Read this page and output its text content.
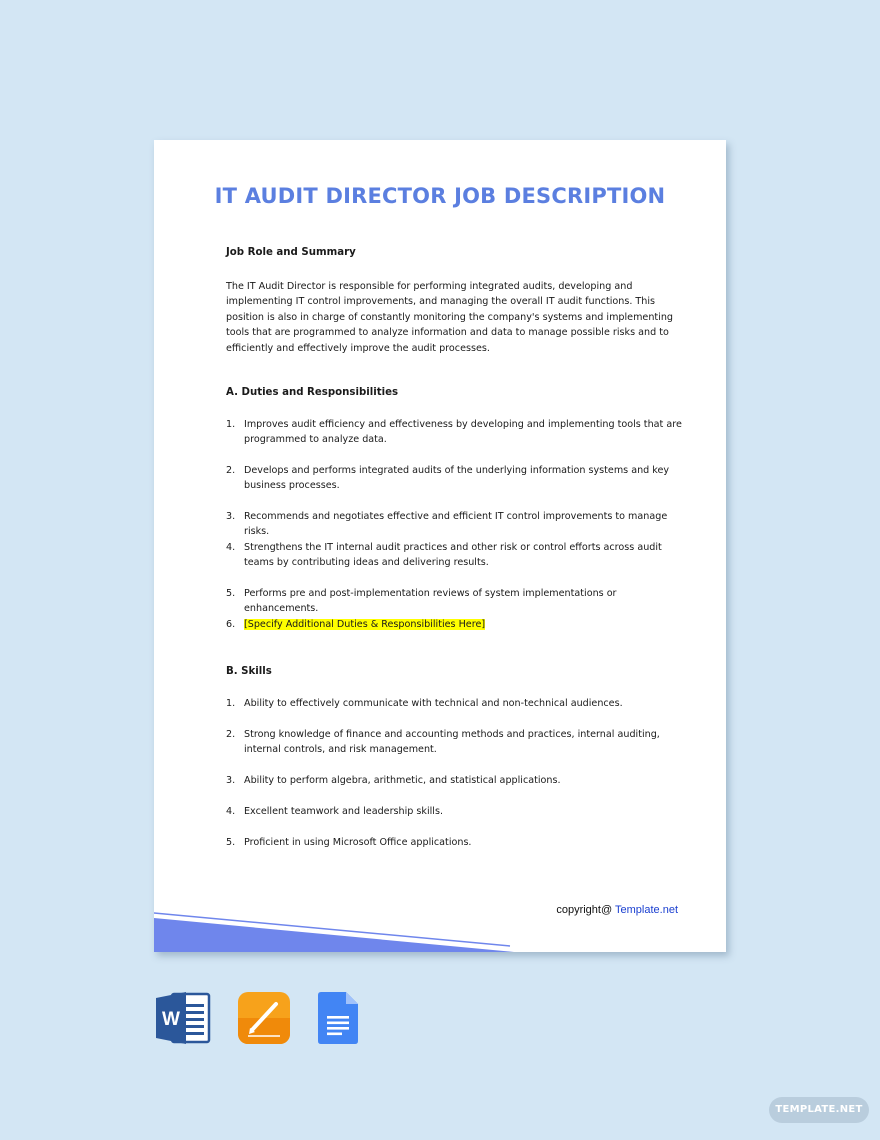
IT AUDIT DIRECTOR JOB DESCRIPTION
Job Role and Summary

The IT Audit Director is responsible for performing integrated audits, developing and implementing IT control improvements, and managing the overall IT audit functions. This position is also in charge of constantly monitoring the company's systems and implementing tools that are programmed to analyze information and data to manage possible risks and to efficiently and effectively improve the audit processes.

A. Duties and Responsibilities
1. Improves audit efficiency and effectiveness by developing and implementing tools that are programmed to analyze data.
2. Develops and performs integrated audits of the underlying information systems and key business processes.
3. Recommends and negotiates effective and efficient IT control improvements to manage risks.
4. Strengthens the IT internal audit practices and other risk or control efforts across audit teams by contributing ideas and delivering results.
5. Performs pre and post-implementation reviews of system implementations or enhancements.
6. [Specify Additional Duties & Responsibilities Here]
B. Skills
1. Ability to effectively communicate with technical and non-technical audiences.
2. Strong knowledge of finance and accounting methods and practices, internal auditing, internal controls, and risk management.
3. Ability to perform algebra, arithmetic, and statistical applications.
4. Excellent teamwork and leadership skills.
5. Proficient in using Microsoft Office applications.
copyright@ Template.net
W
TEMPLATE.NET
